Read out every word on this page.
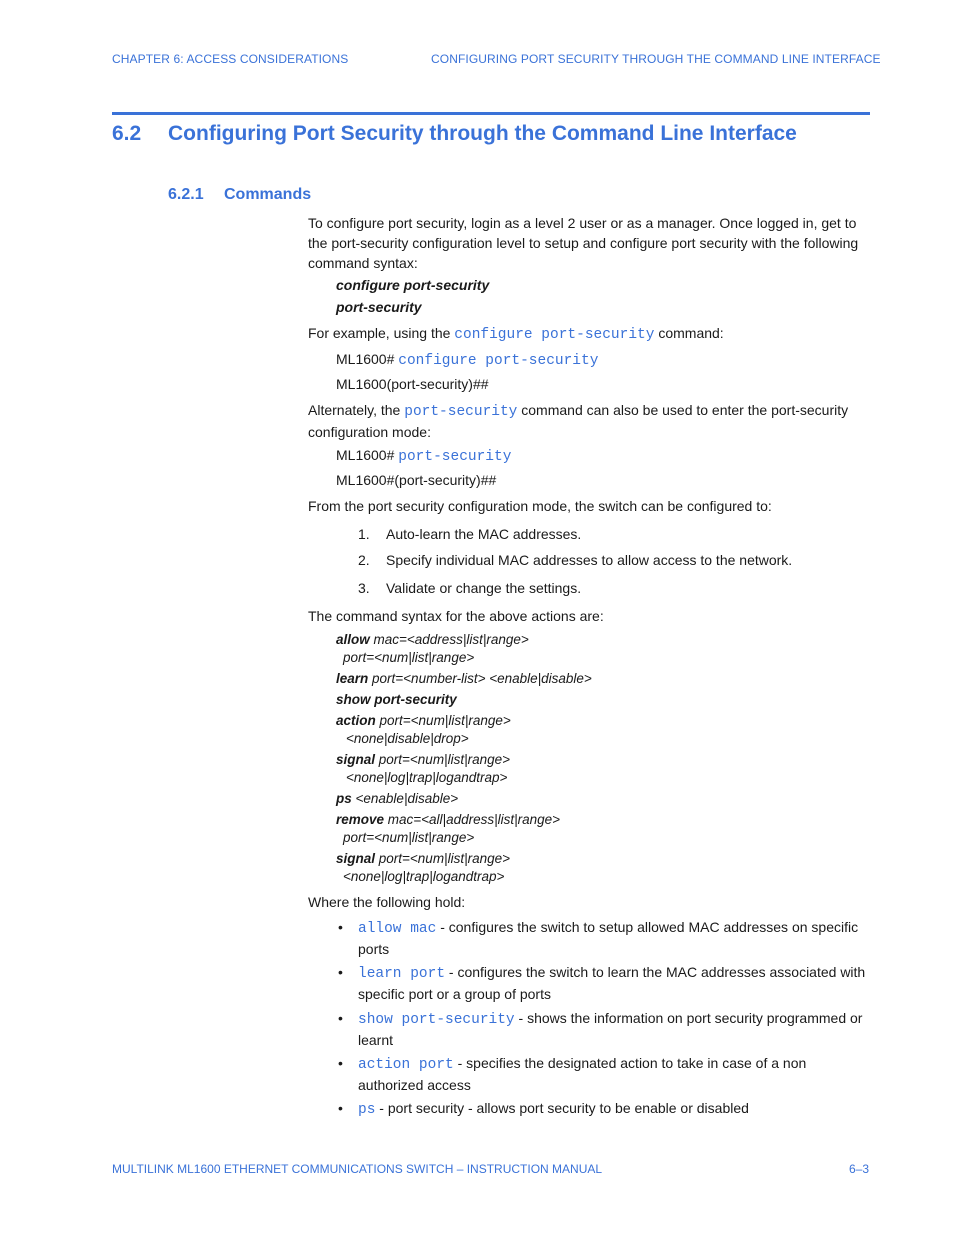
CHAPTER 6: ACCESS CONSIDERATIONS	CONFIGURING PORT SECURITY THROUGH THE COMMAND LINE INTERFACE
6.2 Configuring Port Security through the Command Line Interface
6.2.1 Commands
To configure port security, login as a level 2 user or as a manager. Once logged in, get to the port-security configuration level to setup and configure port security with the following command syntax:
configure port-security
port-security
For example, using the configure port-security command:
ML1600# configure port-security
ML1600(port-security)##
Alternately, the port-security command can also be used to enter the port-security configuration mode:
ML1600# port-security
ML1600#(port-security)##
From the port security configuration mode, the switch can be configured to:
1. Auto-learn the MAC addresses.
2. Specify individual MAC addresses to allow access to the network.
3. Validate or change the settings.
The command syntax for the above actions are:
allow mac=<address|list|range>
port=<num|list|range>
learn port=<number-list> <enable|disable>
show port-security
action port=<num|list|range>
<none|disable|drop>
signal port=<num|list|range>
<none|log|trap|logandtrap>
ps <enable|disable>
remove mac=<all|address|list|range>
port=<num|list|range>
signal port=<num|list|range>
<none|log|trap|logandtrap>
Where the following hold:
• allow mac - configures the switch to setup allowed MAC addresses on specific
ports
• learn port - configures the switch to learn the MAC addresses associated with
specific port or a group of ports
• show port-security - shows the information on port security programmed or
learnt
• action port - specifies the designated action to take in case of a non
authorized access
• ps - port security - allows port security to be enable or disabled
MULTILINK ML1600 ETHERNET COMMUNICATIONS SWITCH – INSTRUCTION MANUAL	6–3
